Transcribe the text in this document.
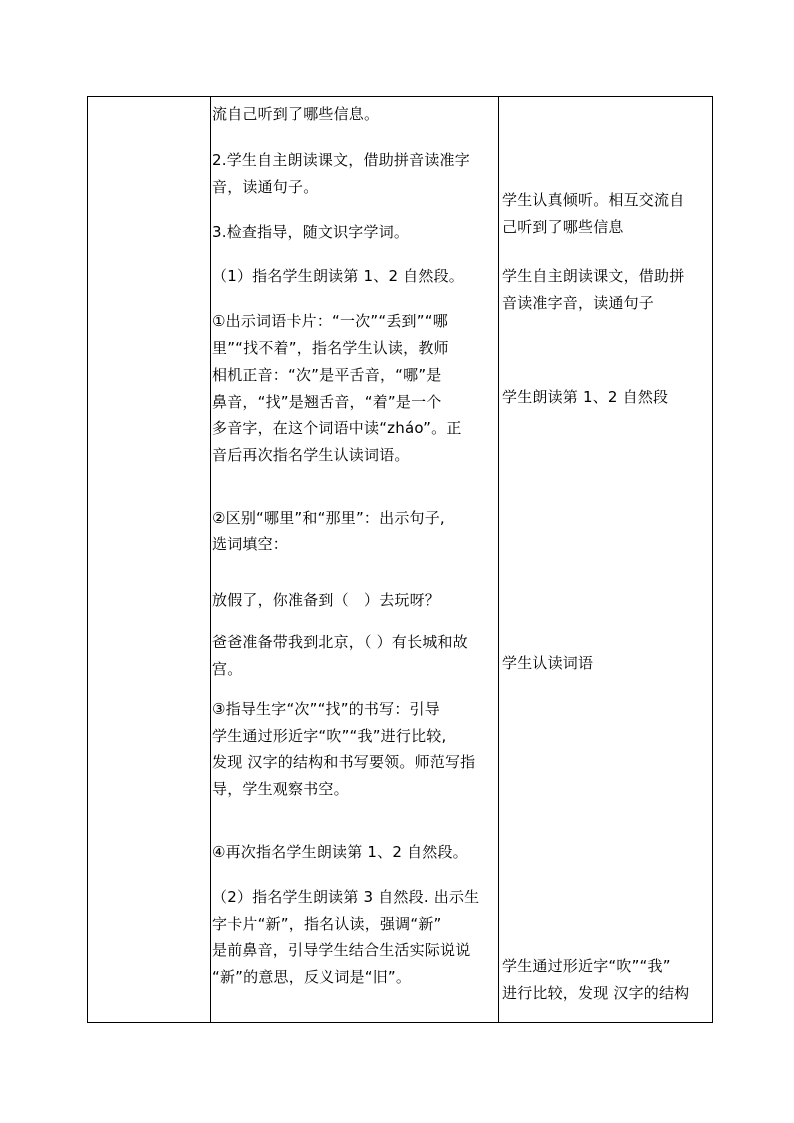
流自己听到了哪些信息。
2.学生自主朗读课文，借助拼音读准字
音，读通句子。
3.检查指导，随文识字学词。
（1）指名学生朗读第 1、2 自然段。
①出示词语卡片：“一次”“丢到”“哪
里”“找不着”，指名学生认读，教师
相机正音：“次”是平舌音，“哪”是
鼻音，“找”是翘舌音，“着”是一个
多音字，在这个词语中读“zháo”。正
音后再次指名学生认读词语。
②区别“哪里”和“那里”：出示句子,
选词填空：
放假了，你准备到（　）去玩呀？
爸爸准备带我到北京，（ ）有长城和故
宫。
③指导生字“次”“找”的书写：引导
学生通过形近字“吹”“我”进行比较,
发现 汉字的结构和书写要领。师范写指
导，学生观察书空。
④再次指名学生朗读第 1、2 自然段。
（2）指名学生朗读第 3 自然段. 出示生
字卡片“新”，指名认读，强调“新”
是前鼻音，引导学生结合生活实际说说
“新”的意思，反义词是“旧”。
学生认真倾听。相互交流自
己听到了哪些信息
学生自主朗读课文，借助拼
音读准字音，读通句子
学生朗读第 1、2 自然段
学生认读词语
学生通过形近字“吹”“我”
进行比较，发现 汉字的结构
